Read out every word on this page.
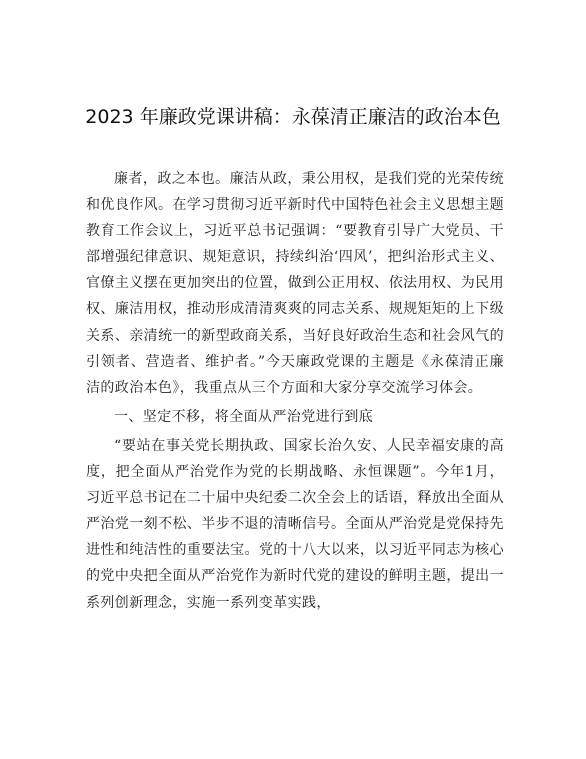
2023 年廉政党课讲稿：永葆清正廉洁的政治本色

廉者，政之本也。廉洁从政，秉公用权，是我们党的光荣传统和优良作风。在学习贯彻习近平新时代中国特色社会主义思想主题教育工作会议上，习近平总书记强调：“要教育引导广大党员、干部增强纪律意识、规矩意识，持续纠治‘四风’，把纠治形式主义、官僚主义摆在更加突出的位置，做到公正用权、依法用权、为民用权、廉洁用权，推动形成清清爽爽的同志关系、规规矩矩的上下级关系、亲清统一的新型政商关系，当好良好政治生态和社会风气的引领者、营造者、维护者。”今天廉政党课的主题是《永葆清正廉洁的政治本色》，我重点从三个方面和大家分享交流学习体会。

一、坚定不移，将全面从严治党进行到底

“要站在事关党长期执政、国家长治久安、人民幸福安康的高度，把全面从严治党作为党的长期战略、永恒课题”。今年1月，习近平总书记在二十届中央纪委二次全会上的话语，释放出全面从严治党一刻不松、半步不退的清晰信号。全面从严治党是党保持先进性和纯洁性的重要法宝。党的十八大以来，以习近平同志为核心的党中央把全面从严治党作为新时代党的建设的鲜明主题，提出一系列创新理念，实施一系列变革实践，
